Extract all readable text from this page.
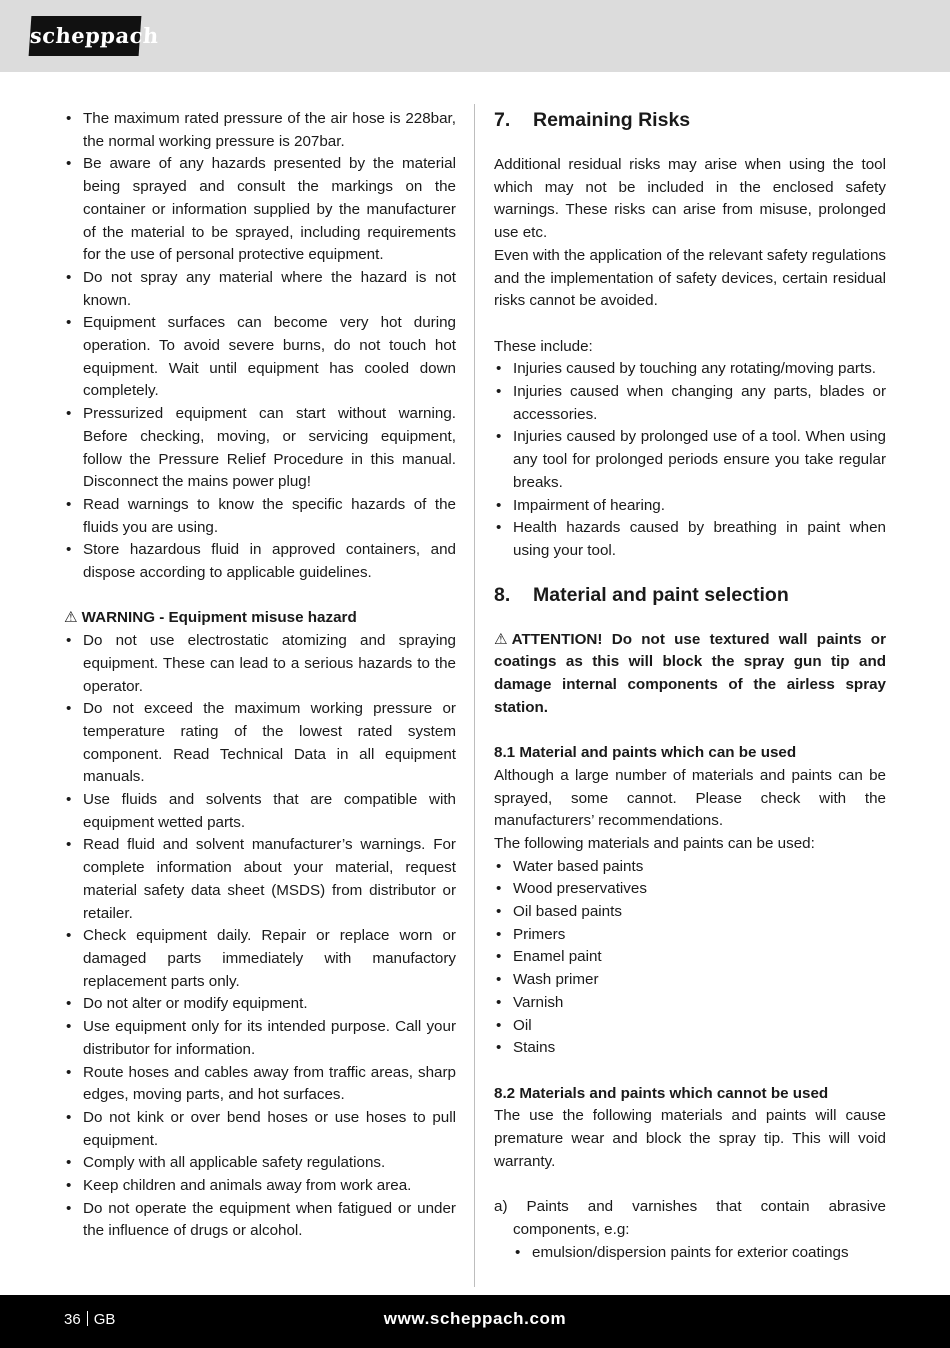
scheppach
• The maximum rated pressure of the air hose is 228bar, the normal working pressure is 207bar.
• Be aware of any hazards presented by the material being sprayed and consult the markings on the container or information supplied by the manufacturer of the material to be sprayed, including requirements for the use of personal protective equipment.
• Do not spray any material where the hazard is not known.
• Equipment surfaces can become very hot during operation. To avoid severe burns, do not touch hot equipment. Wait until equipment has cooled down completely.
• Pressurized equipment can start without warning. Before checking, moving, or servicing equipment, follow the Pressure Relief Procedure in this manual. Disconnect the mains power plug!
• Read warnings to know the specific hazards of the fluids you are using.
• Store hazardous fluid in approved containers, and dispose according to applicable guidelines.
⚠ WARNING - Equipment misuse hazard
• Do not use electrostatic atomizing and spraying equipment. These can lead to a serious hazards to the operator.
• Do not exceed the maximum working pressure or temperature rating of the lowest rated system component. Read Technical Data in all equipment manuals.
• Use fluids and solvents that are compatible with equipment wetted parts.
• Read fluid and solvent manufacturer’s warnings. For complete information about your material, request material safety data sheet (MSDS) from distributor or retailer.
• Check equipment daily. Repair or replace worn or damaged parts immediately with manufactory replacement parts only.
• Do not alter or modify equipment.
• Use equipment only for its intended purpose. Call your distributor for information.
• Route hoses and cables away from traffic areas, sharp edges, moving parts, and hot surfaces.
• Do not kink or over bend hoses or use hoses to pull equipment.
• Comply with all applicable safety regulations.
• Keep children and animals away from work area.
• Do not operate the equipment when fatigued or under the influence of drugs or alcohol.
7.	Remaining Risks

Additional residual risks may arise when using the tool which may not be included in the enclosed safety warnings. These risks can arise from misuse, prolonged use etc.

Even with the application of the relevant safety regulations and the implementation of safety devices, certain residual risks cannot be avoided.

These include:

• Injuries caused by touching any rotating/moving parts.
• Injuries caused when changing any parts, blades or accessories.
• Injuries caused by prolonged use of a tool. When using any tool for prolonged periods ensure you take regular breaks.
• Impairment of hearing.
• Health hazards caused by breathing in paint when using your tool.
8.	Material and paint selection

⚠ ATTENTION! Do not use textured wall paints or coatings as this will block the spray gun tip and damage internal components of the airless spray station.

8.1 Material and paints which can be used

Although a large number of materials and paints can be sprayed, some cannot. Please check with the manufacturers’ recommendations.

The following materials and paints can be used:

• Water based paints
• Wood preservatives
• Oil based paints
• Primers
• Enamel paint
• Wash primer
• Varnish
• Oil
• Stains

8.2 Materials and paints which cannot be used

The use the following materials and paints will cause premature wear and block the spray tip. This will void warranty.

a) Paints and varnishes that contain abrasive components, e.g:

• emulsion/dispersion paints for exterior coatings
36 GB	www.scheppach.com
